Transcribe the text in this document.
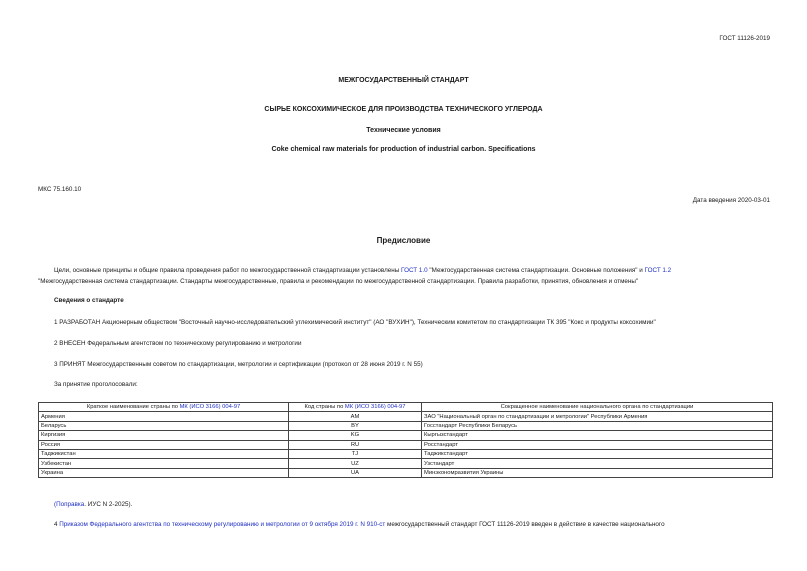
ГОСТ 11126-2019
МЕЖГОСУДАРСТВЕННЫЙ СТАНДАРТ
СЫРЬЕ КОКСОХИМИЧЕСКОЕ ДЛЯ ПРОИЗВОДСТВА ТЕХНИЧЕСКОГО УГЛЕРОДА
Технические условия
Coke chemical raw materials for production of industrial carbon. Specifications
МКС 75.160.10
Дата введения 2020-03-01
Предисловие
Цели, основные принципы и общие правила проведения работ по межгосударственной стандартизации установлены ГОСТ 1.0 "Межгосударственная система стандартизации. Основные положения" и ГОСТ 1.2
"Межгосударственная система стандартизации. Стандарты межгосударственные, правила и рекомендации по межгосударственной стандартизации. Правила разработки, принятия, обновления и отмены"
Сведения о стандарте
1 РАЗРАБОТАН Акционерным обществом "Восточный научно-исследовательский углехимический институт" (АО "ВУХИН"), Техническим комитетом по стандартизации ТК 395 "Кокс и продукты коксохимии"
2 ВНЕСЕН Федеральным агентством по техническому регулированию и метрологии
3 ПРИНЯТ Межгосударственным советом по стандартизации, метрологии и сертификации (протокол от 28 июня 2019 г. N 55)
За принятие проголосовали:
Краткое наименование страны по МК (ИСО 3166) 004-97	Код страны по МК (ИСО 3166) 004-97	Сокращенное наименование национального органа по стандартизации
Армения	AM	ЗАО "Национальный орган по стандартизации и метрологии" Республики Армения
Беларусь	BY	Госстандарт Республики Беларусь
Киргизия	KG	Кыргызстандарт
Россия	RU	Росстандарт
Таджикистан	TJ	Таджикстандарт
Узбекистан	UZ	Узстандарт
Украина	UA	Минэкономразвития Украины
(Поправка. ИУС N 2-2025).
4 Приказом Федерального агентства по техническому регулированию и метрологии от 9 октября 2019 г. N 910-ст межгосударственный стандарт ГОСТ 11126-2019 введен в действие в качестве национального
